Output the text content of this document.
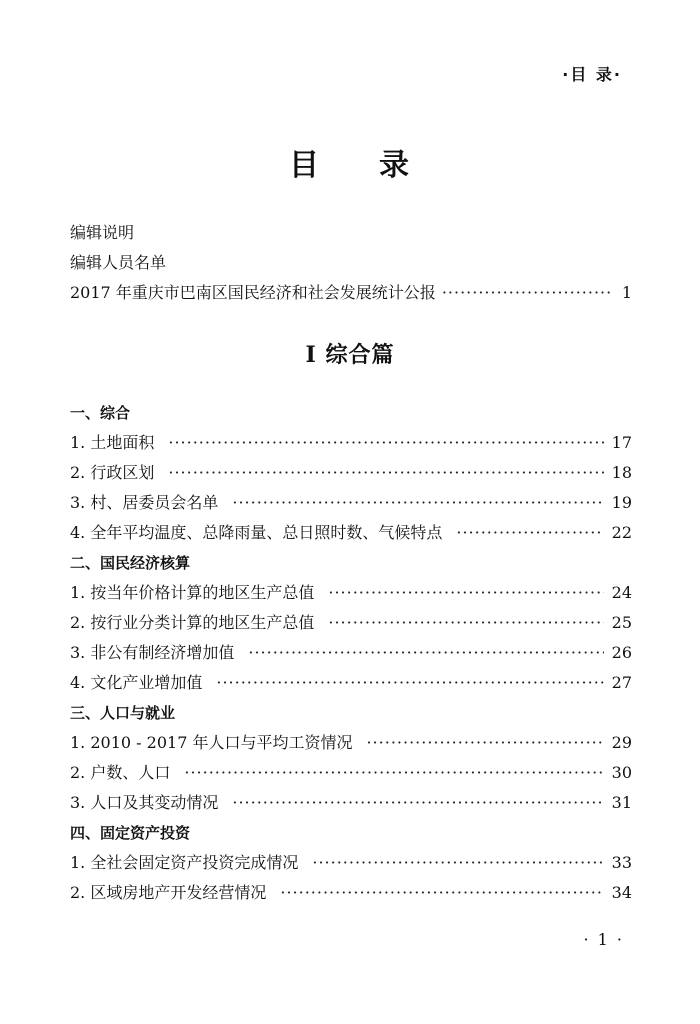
·目 录·
目 录
编辑说明
编辑人员名单
2017 年重庆市巴南区国民经济和社会发展统计公报 ·····	1
I 综合篇
一、综合
1. 土地面积 ·····	17
2. 行政区划 ·····	18
3. 村、居委员会名单 ·····	19
4. 全年平均温度、总降雨量、总日照时数、气候特点 ·····	22
二、国民经济核算
1. 按当年价格计算的地区生产总值 ·····	24
2. 按行业分类计算的地区生产总值 ·····	25
3. 非公有制经济增加值 ·····	26
4. 文化产业增加值 ·····	27
三、人口与就业
1. 2010 - 2017 年人口与平均工资情况 ·····	29
2. 户数、人口 ·····	30
3. 人口及其变动情况 ·····	31
四、固定资产投资
1. 全社会固定资产投资完成情况 ·····	33
2. 区域房地产开发经营情况 ·····	34
· 1 ·
